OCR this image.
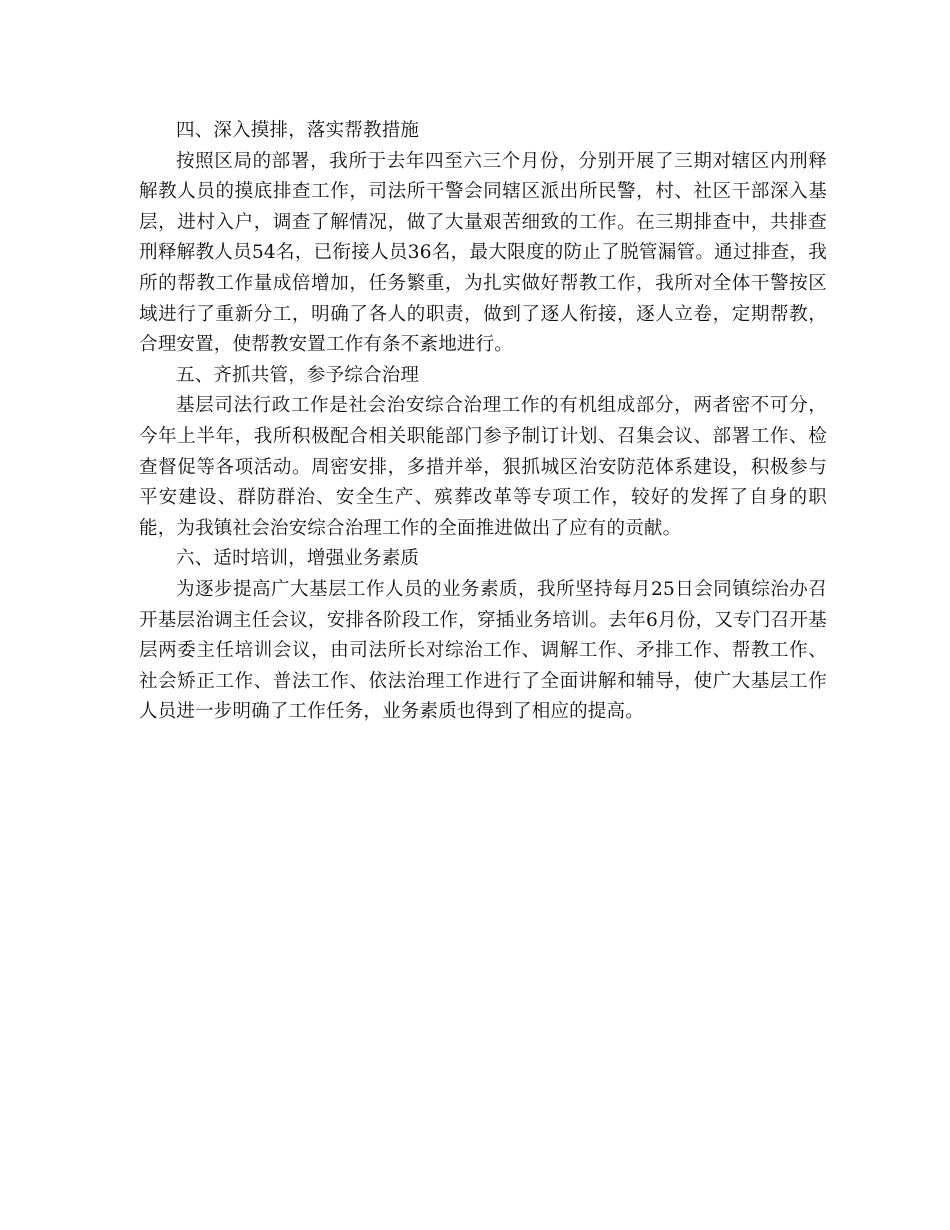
四、深入摸排，落实帮教措施

按照区局的部署，我所于去年四至六三个月份，分别开展了三期对辖区内刑释解教人员的摸底排查工作，司法所干警会同辖区派出所民警，村、社区干部深入基层，进村入户，调查了解情况，做了大量艰苦细致的工作。在三期排查中，共排查刑释解教人员54名，已衔接人员36名，最大限度的防止了脱管漏管。通过排查，我所的帮教工作量成倍增加，任务繁重，为扎实做好帮教工作，我所对全体干警按区域进行了重新分工，明确了各人的职责，做到了逐人衔接，逐人立卷，定期帮教，合理安置，使帮教安置工作有条不紊地进行。

五、齐抓共管，参予综合治理

基层司法行政工作是社会治安综合治理工作的有机组成部分，两者密不可分，今年上半年，我所积极配合相关职能部门参予制订计划、召集会议、部署工作、检查督促等各项活动。周密安排，多措并举，狠抓城区治安防范体系建设，积极参与平安建设、群防群治、安全生产、殡葬改革等专项工作，较好的发挥了自身的职能，为我镇社会治安综合治理工作的全面推进做出了应有的贡献。

六、适时培训，增强业务素质

为逐步提高广大基层工作人员的业务素质，我所坚持每月25日会同镇综治办召开基层治调主任会议，安排各阶段工作，穿插业务培训。去年6月份，又专门召开基层两委主任培训会议，由司法所长对综治工作、调解工作、矛排工作、帮教工作、社会矫正工作、普法工作、依法治理工作进行了全面讲解和辅导，使广大基层工作人员进一步明确了工作任务，业务素质也得到了相应的提高。
